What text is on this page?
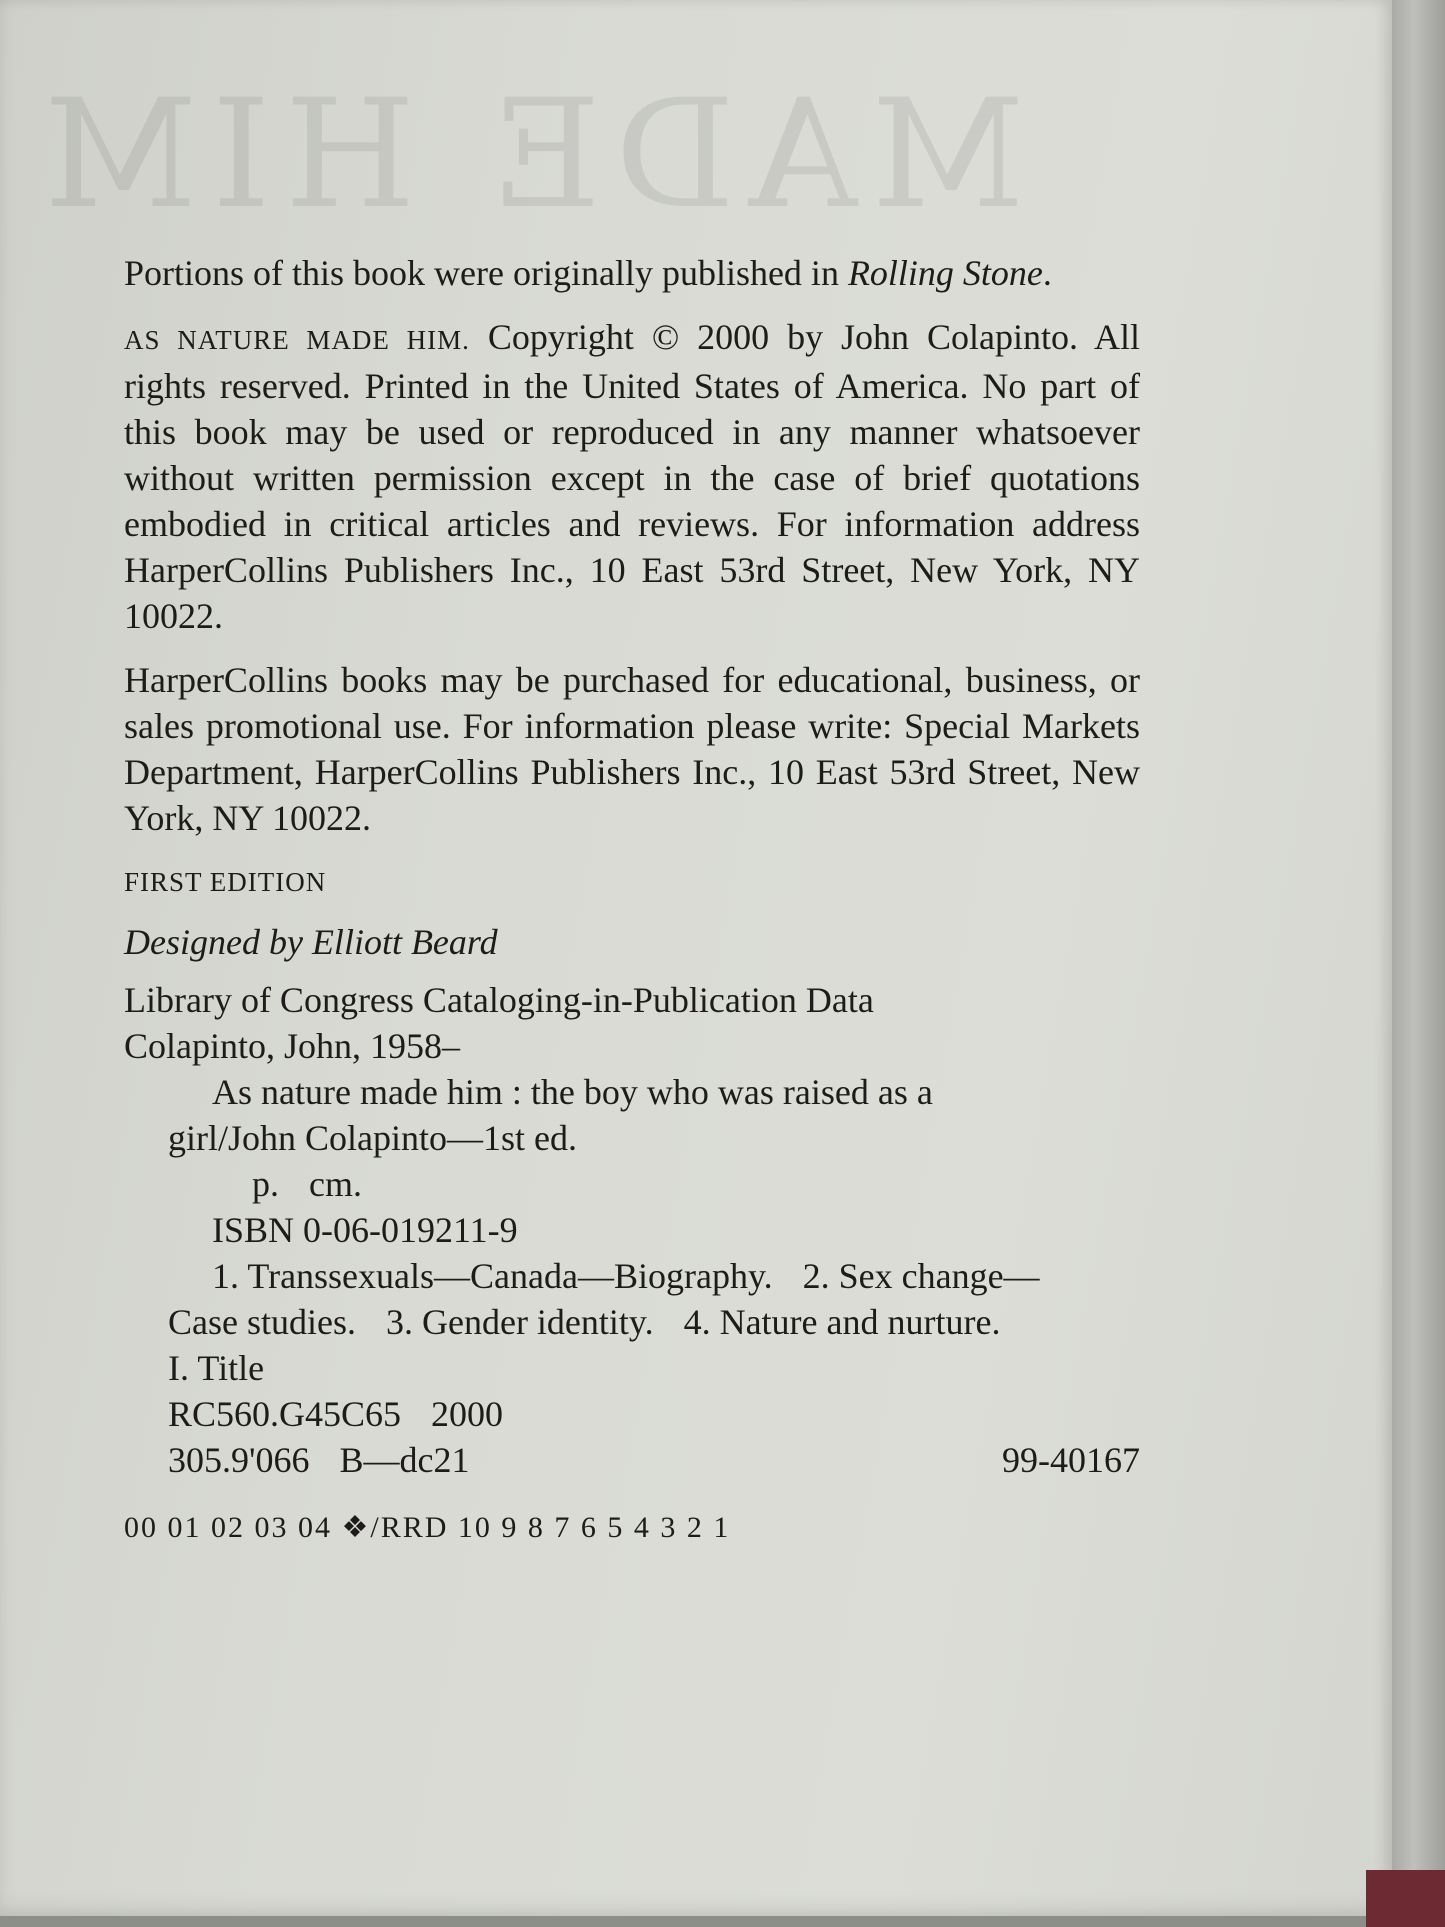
MADE HIM

Portions of this book were originally published in Rolling Stone.

AS NATURE MADE HIM. Copyright © 2000 by John Colapinto. All rights reserved. Printed in the United States of America. No part of this book may be used or reproduced in any manner whatsoever without written permission except in the case of brief quotations embodied in critical articles and reviews. For information address HarperCollins Publishers Inc., 10 East 53rd Street, New York, NY 10022.

HarperCollins books may be purchased for educational, business, or sales promotional use. For information please write: Special Markets Department, HarperCollins Publishers Inc., 10 East 53rd Street, New York, NY 10022.

FIRST EDITION
Designed by Elliott Beard
Library of Congress Cataloging-in-Publication Data
Colapinto, John, 1958–
As nature made him : the boy who was raised as a
girl/John Colapinto—1st ed.
p. cm.
ISBN 0-06-019211-9
1. Transsexuals—Canada—Biography. 2. Sex change—
Case studies. 3. Gender identity. 4. Nature and nurture.
I. Title
RC560.G45C65 2000
305.9'066 B—dc21	99-40167
00 01 02 03 04 ❖/RRD 10 9 8 7 6 5 4 3 2 1
